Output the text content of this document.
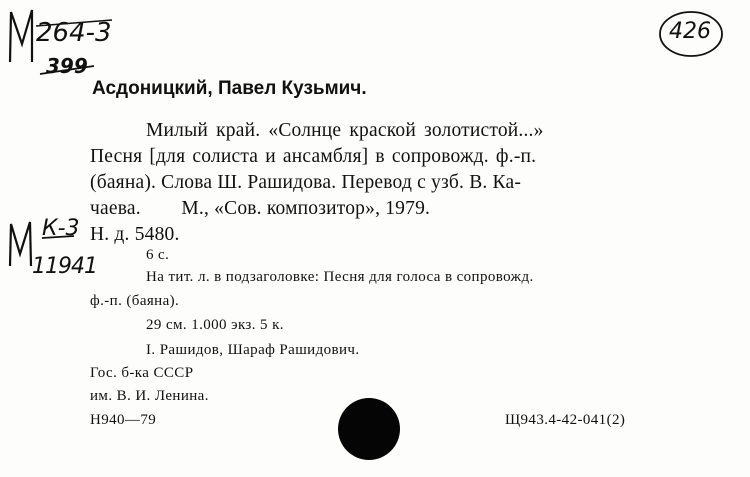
264-3
399
К-3
11941
426
Асдоницкий, Павел Кузьмич.
Милый край. «Солнце краской золотистой...»
Песня [для солиста и ансамбля] в сопровожд. ф.-п.
(баяна). Слова Ш. Рашидова. Перевод с узб. В. Ка-
чаева.        М., «Сов. композитор», 1979.
Н. д. 5480.
6 с.
На тит. л. в подзаголовке: Песня для голоса в сопровожд.
ф.-п. (баяна).
29 см. 1.000 экз. 5 к.
I. Рашидов, Шараф Рашидович.
Гос. б-ка СССР
им. В. И. Ленина.
Н940—79	Щ943.4-42-041(2)
